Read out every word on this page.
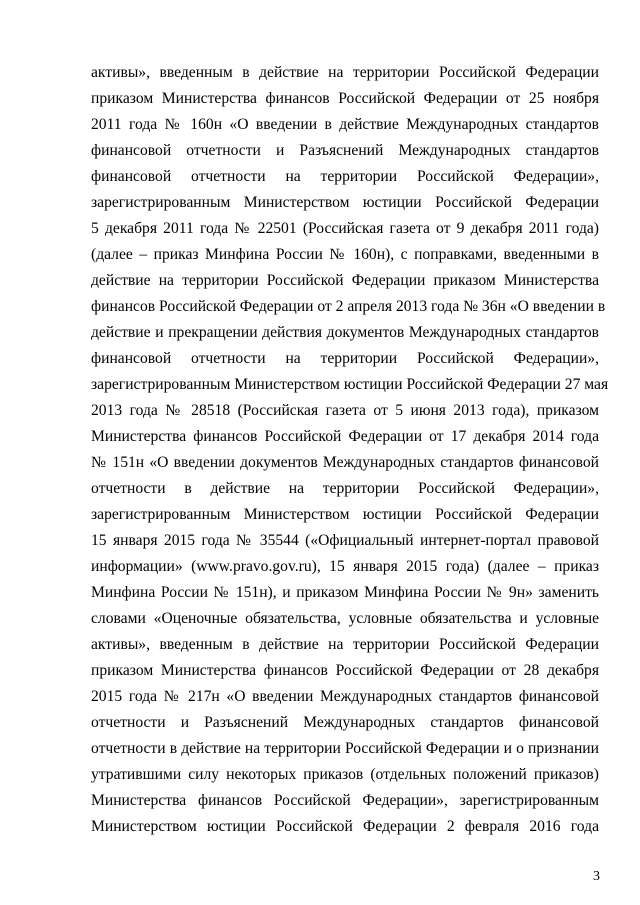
активы», введенным в действие на территории Российской Федерации
приказом Министерства финансов Российской Федерации от 25 ноября
2011 года № 160н «О введении в действие Международных стандартов
финансовой отчетности и Разъяснений Международных стандартов
финансовой отчетности на территории Российской Федерации»,
зарегистрированным Министерством юстиции Российской Федерации
5 декабря 2011 года № 22501 (Российская газета от 9 декабря 2011 года)
(далее – приказ Минфина России № 160н), с поправками, введенными в
действие на территории Российской Федерации приказом Министерства
финансов Российской Федерации от 2 апреля 2013 года № 36н «О введении в
действие и прекращении действия документов Международных стандартов
финансовой отчетности на территории Российской Федерации»,
зарегистрированным Министерством юстиции Российской Федерации 27 мая
2013 года № 28518 (Российская газета от 5 июня 2013 года), приказом
Министерства финансов Российской Федерации от 17 декабря 2014 года
№ 151н «О введении документов Международных стандартов финансовой
отчетности в действие на территории Российской Федерации»,
зарегистрированным Министерством юстиции Российской Федерации
15 января 2015 года № 35544 («Официальный интернет-портал правовой
информации» (www.pravo.gov.ru), 15 января 2015 года) (далее – приказ
Минфина России № 151н), и приказом Минфина России № 9н» заменить
словами «Оценочные обязательства, условные обязательства и условные
активы», введенным в действие на территории Российской Федерации
приказом Министерства финансов Российской Федерации от 28 декабря
2015 года № 217н «О введении Международных стандартов финансовой
отчетности и Разъяснений Международных стандартов финансовой
отчетности в действие на территории Российской Федерации и о признании
утратившими силу некоторых приказов (отдельных положений приказов)
Министерства финансов Российской Федерации», зарегистрированным
Министерством юстиции Российской Федерации 2 февраля 2016 года
3
